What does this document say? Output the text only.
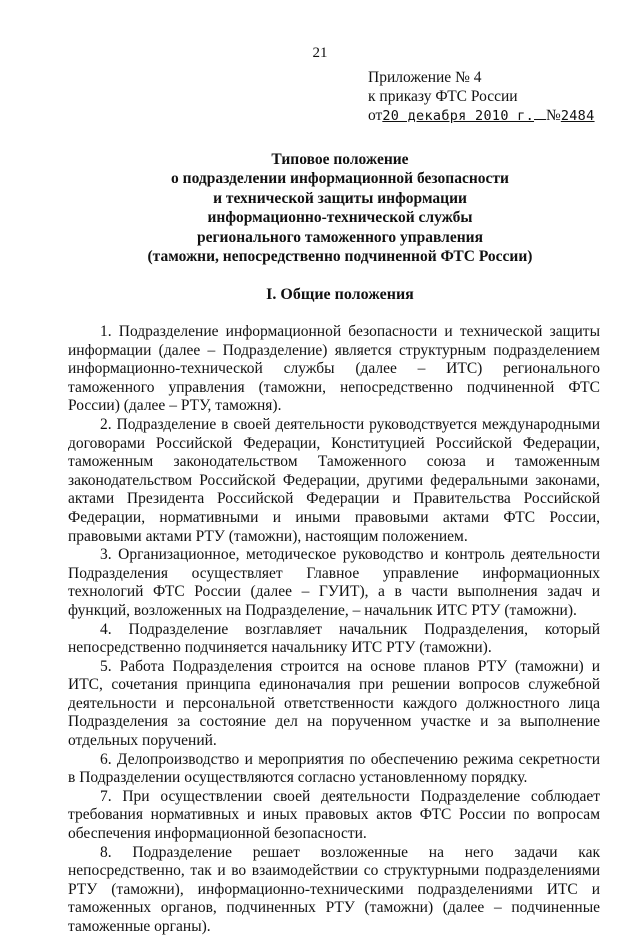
21
Приложение № 4
к приказу ФТС России
от20 декабря 2010 г. №2484
Типовое положение
о подразделении информационной безопасности
и технической защиты информации
информационно-технической службы
регионального таможенного управления
(таможни, непосредственно подчиненной ФТС России)
I. Общие положения

1. Подразделение информационной безопасности и технической защиты информации (далее – Подразделение) является структурным подразделением информационно-технической службы (далее – ИТС) регионального таможенного управления (таможни, непосредственно подчиненной ФТС России) (далее – РТУ, таможня).

2. Подразделение в своей деятельности руководствуется международными договорами Российской Федерации, Конституцией Российской Федерации, таможенным законодательством Таможенного союза и таможенным законодательством Российской Федерации, другими федеральными законами, актами Президента Российской Федерации и Правительства Российской Федерации, нормативными и иными правовыми актами ФТС России, правовыми актами РТУ (таможни), настоящим положением.

3. Организационное, методическое руководство и контроль деятельности Подразделения осуществляет Главное управление информационных технологий ФТС России (далее – ГУИТ), а в части выполнения задач и функций, возложенных на Подразделение, – начальник ИТС РТУ (таможни).

4. Подразделение возглавляет начальник Подразделения, который непосредственно подчиняется начальнику ИТС РТУ (таможни).

5. Работа Подразделения строится на основе планов РТУ (таможни) и ИТС, сочетания принципа единоначалия при решении вопросов служебной деятельности и персональной ответственности каждого должностного лица Подразделения за состояние дел на порученном участке и за выполнение отдельных поручений.

6. Делопроизводство и мероприятия по обеспечению режима секретности в Подразделении осуществляются согласно установленному порядку.

7. При осуществлении своей деятельности Подразделение соблюдает требования нормативных и иных правовых актов ФТС России по вопросам обеспечения информационной безопасности.

8. Подразделение решает возложенные на него задачи как непосредственно, так и во взаимодействии со структурными подразделениями РТУ (таможни), информационно-техническими подразделениями ИТС и таможенных органов, подчиненных РТУ (таможни) (далее – подчиненные таможенные органы).
